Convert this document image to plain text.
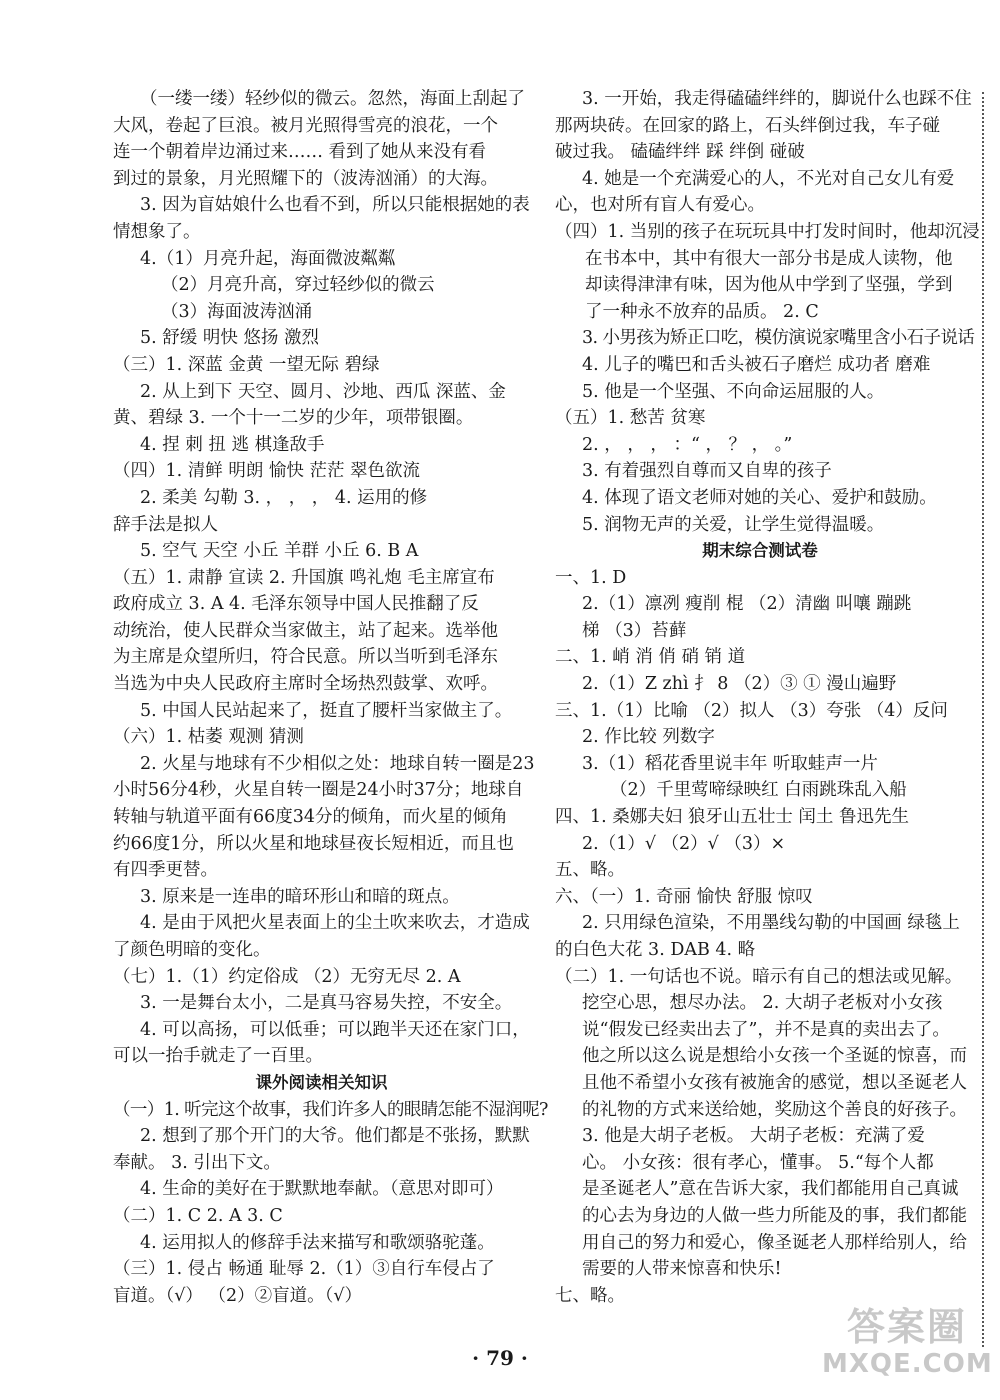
（一缕一缕）轻纱似的微云。忽然，海面上刮起了
大风，卷起了巨浪。被月光照得雪亮的浪花，一个
连一个朝着岸边涌过来…… 看到了她从来没有看
到过的景象，月光照耀下的（波涛汹涌）的大海。
3. 因为盲姑娘什么也看不到，所以只能根据她的表
情想象了。
4.（1）月亮升起，海面微波粼粼
（2）月亮升高，穿过轻纱似的微云
（3）海面波涛汹涌
5. 舒缓 明快 悠扬 激烈
（三）1. 深蓝 金黄 一望无际 碧绿
2. 从上到下 天空、圆月、沙地、西瓜 深蓝、金
黄、碧绿 3. 一个十一二岁的少年，项带银圈。
4. 捏 刺 扭 逃 棋逢敌手
（四）1. 清鲜 明朗 愉快 茫茫 翠色欲流
2. 柔美 勾勒 3. ， ， ， 4. 运用的修
辞手法是拟人
5. 空气 天空 小丘 羊群 小丘 6. B A
（五）1. 肃静 宣读 2. 升国旗 鸣礼炮 毛主席宣布
政府成立 3. A 4. 毛泽东领导中国人民推翻了反
动统治，使人民群众当家做主，站了起来。选举他
为主席是众望所归，符合民意。所以当听到毛泽东
当选为中央人民政府主席时全场热烈鼓掌、欢呼。
5. 中国人民站起来了，挺直了腰杆当家做主了。
（六）1. 枯萎 观测 猜测
2. 火星与地球有不少相似之处：地球自转一圈是23
小时56分4秒，火星自转一圈是24小时37分；地球自
转轴与轨道平面有66度34分的倾角，而火星的倾角
约66度1分，所以火星和地球昼夜长短相近，而且也
有四季更替。
3. 原来是一连串的暗环形山和暗的斑点。
4. 是由于风把火星表面上的尘土吹来吹去，才造成
了颜色明暗的变化。
（七）1.（1）约定俗成 （2）无穷无尽 2. A
3. 一是舞台太小，二是真马容易失控，不安全。
4. 可以高扬，可以低垂；可以跑半天还在家门口，
可以一抬手就走了一百里。
课外阅读相关知识
（一）1. 听完这个故事，我们许多人的眼睛怎能不湿润呢?
2. 想到了那个开门的大爷。他们都是不张扬，默默
奉献。 3. 引出下文。
4. 生命的美好在于默默地奉献。（意思对即可）
（二）1. C 2. A 3. C
4. 运用拟人的修辞手法来描写和歌颂骆驼蓬。
（三）1. 侵占 畅通 耻辱 2.（1）③自行车侵占了
盲道。（√） （2）②盲道。（√）
3. 一开始，我走得磕磕绊绊的，脚说什么也踩不住
那两块砖。在回家的路上，石头绊倒过我，车子碰
破过我。 磕磕绊绊 踩 绊倒 碰破
4. 她是一个充满爱心的人，不光对自己女儿有爱
心，也对所有盲人有爱心。
（四）1. 当别的孩子在玩玩具中打发时间时，他却沉浸
在书本中，其中有很大一部分书是成人读物，他
却读得津津有味，因为他从中学到了坚强，学到
了一种永不放弃的品质。 2. C
3. 小男孩为矫正口吃，模仿演说家嘴里含小石子说话
4. 儿子的嘴巴和舌头被石子磨烂 成功者 磨难
5. 他是一个坚强、不向命运屈服的人。
（五）1. 愁苦 贫寒
2. ， ， ， ：“ ， ？ ， 。”
3. 有着强烈自尊而又自卑的孩子
4. 体现了语文老师对她的关心、爱护和鼓励。
5. 润物无声的关爱，让学生觉得温暖。
期末综合测试卷
一、1. D
2.（1）凛冽 瘦削 棍 （2）清幽 叫嚷 蹦跳
梯 （3）苔藓
二、1. 峭 消 俏 硝 销 道
2.（1）Z zhì 扌 8 （2）③ ① 漫山遍野
三、1.（1）比喻 （2）拟人 （3）夸张 （4）反问
2. 作比较 列数字
3.（1）稻花香里说丰年 听取蛙声一片
（2）千里莺啼绿映红 白雨跳珠乱入船
四、1. 桑娜夫妇 狼牙山五壮士 闰土 鲁迅先生
2.（1）√ （2）√ （3）×
五、略。
六、（一）1. 奇丽 愉快 舒服 惊叹
2. 只用绿色渲染，不用墨线勾勒的中国画 绿毯上
的白色大花 3. DAB 4. 略
（二）1. 一句话也不说。暗示有自己的想法或见解。
挖空心思，想尽办法。 2. 大胡子老板对小女孩
说“假发已经卖出去了”，并不是真的卖出去了。
他之所以这么说是想给小女孩一个圣诞的惊喜，而
且他不希望小女孩有被施舍的感觉，想以圣诞老人
的礼物的方式来送给她，奖励这个善良的好孩子。
3. 他是大胡子老板。 大胡子老板：充满了爱
心。 小女孩：很有孝心，懂事。 5.“每个人都
是圣诞老人”意在告诉大家，我们都能用自己真诚
的心去为身边的人做一些力所能及的事，我们都能
用自己的努力和爱心，像圣诞老人那样给别人，给
需要的人带来惊喜和快乐!
七、略。
· 79 ·
答案圈
MXQE.COM
